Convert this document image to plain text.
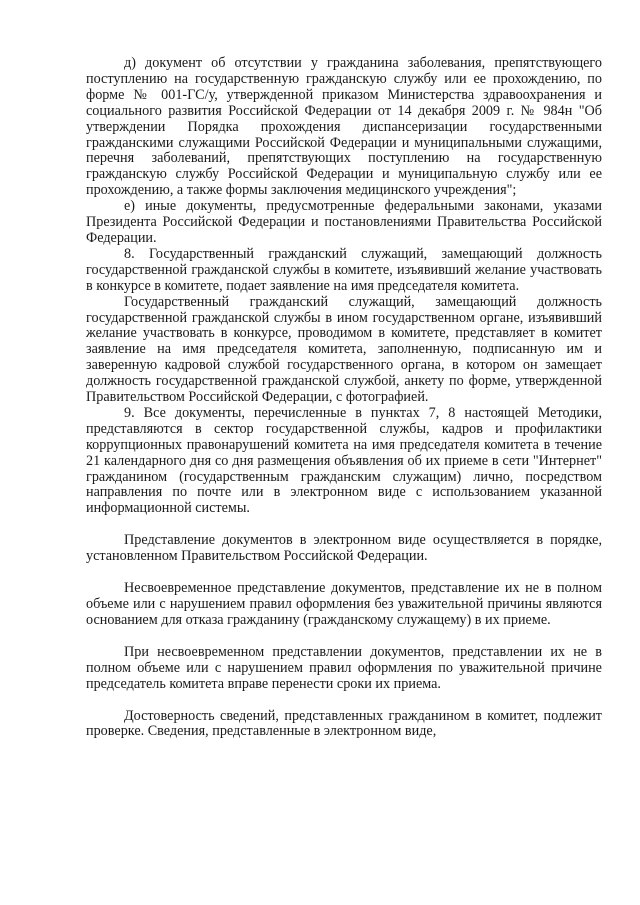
д) документ об отсутствии у гражданина заболевания, препятствующего поступлению на государственную гражданскую службу или ее прохождению, по форме № 001-ГС/у, утвержденной приказом Министерства здравоохранения и социального развития Российской Федерации от 14 декабря 2009 г. № 984н "Об утверждении Порядка прохождения диспансеризации государственными гражданскими служащими Российской Федерации и муниципальными служащими, перечня заболеваний, препятствующих поступлению на государственную гражданскую службу Российской Федерации и муниципальную службу или ее прохождению, а также формы заключения медицинского учреждения";

е) иные документы, предусмотренные федеральными законами, указами Президента Российской Федерации и постановлениями Правительства Российской Федерации.

8. Государственный гражданский служащий, замещающий должность государственной гражданской службы в комитете, изъявивший желание участвовать в конкурсе в комитете, подает заявление на имя председателя комитета.

Государственный гражданский служащий, замещающий должность государственной гражданской службы в ином государственном органе, изъявивший желание участвовать в конкурсе, проводимом в комитете, представляет в комитет заявление на имя председателя комитета, заполненную, подписанную им и заверенную кадровой службой государственного органа, в котором он замещает должность государственной гражданской службой, анкету по форме, утвержденной Правительством Российской Федерации, с фотографией.

9. Все документы, перечисленные в пунктах 7, 8 настоящей Методики, представляются в сектор государственной службы, кадров и профилактики коррупционных правонарушений комитета на имя председателя комитета в течение 21 календарного дня со дня размещения объявления об их приеме в сети "Интернет" гражданином (государственным гражданским служащим) лично, посредством направления по почте или в электронном виде с использованием указанной информационной системы.

Представление документов в электронном виде осуществляется в порядке, установленном Правительством Российской Федерации.

Несвоевременное представление документов, представление их не в полном объеме или с нарушением правил оформления без уважительной причины являются основанием для отказа гражданину (гражданскому служащему) в их приеме.

При несвоевременном представлении документов, представлении их не в полном объеме или с нарушением правил оформления по уважительной причине председатель комитета вправе перенести сроки их приема.

Достоверность сведений, представленных гражданином в комитет, подлежит проверке. Сведения, представленные в электронном виде,
